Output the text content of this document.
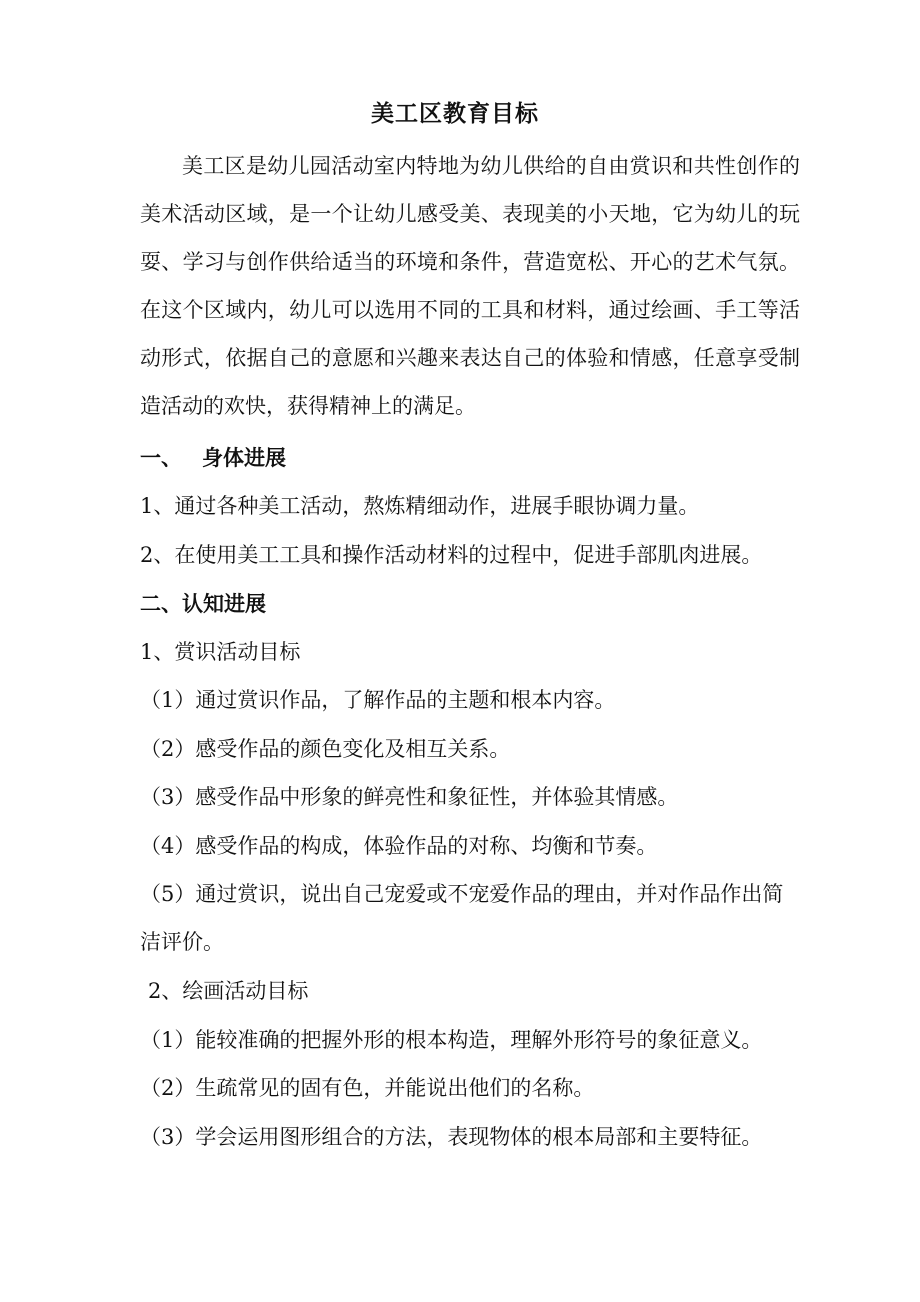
美工区教育目标

美工区是幼儿园活动室内特地为幼儿供给的自由赏识和共性创作的美术活动区域，是一个让幼儿感受美、表现美的小天地，它为幼儿的玩耍、学习与创作供给适当的环境和条件，营造宽松、开心的艺术气氛。在这个区域内，幼儿可以选用不同的工具和材料，通过绘画、手工等活动形式，依据自己的意愿和兴趣来表达自己的体验和情感，任意享受制造活动的欢快，获得精神上的满足。

一、 身体进展

1、通过各种美工活动，熬炼精细动作，进展手眼协调力量。

2、在使用美工工具和操作活动材料的过程中，促进手部肌肉进展。

二、认知进展

1、赏识活动目标

（1）通过赏识作品，了解作品的主题和根本内容。

（2）感受作品的颜色变化及相互关系。

（3）感受作品中形象的鲜亮性和象征性，并体验其情感。

（4）感受作品的构成，体验作品的对称、均衡和节奏。

（5）通过赏识，说出自己宠爱或不宠爱作品的理由，并对作品作出简洁评价。

2、绘画活动目标

（1）能较准确的把握外形的根本构造，理解外形符号的象征意义。

（2）生疏常见的固有色，并能说出他们的名称。

（3）学会运用图形组合的方法，表现物体的根本局部和主要特征。
